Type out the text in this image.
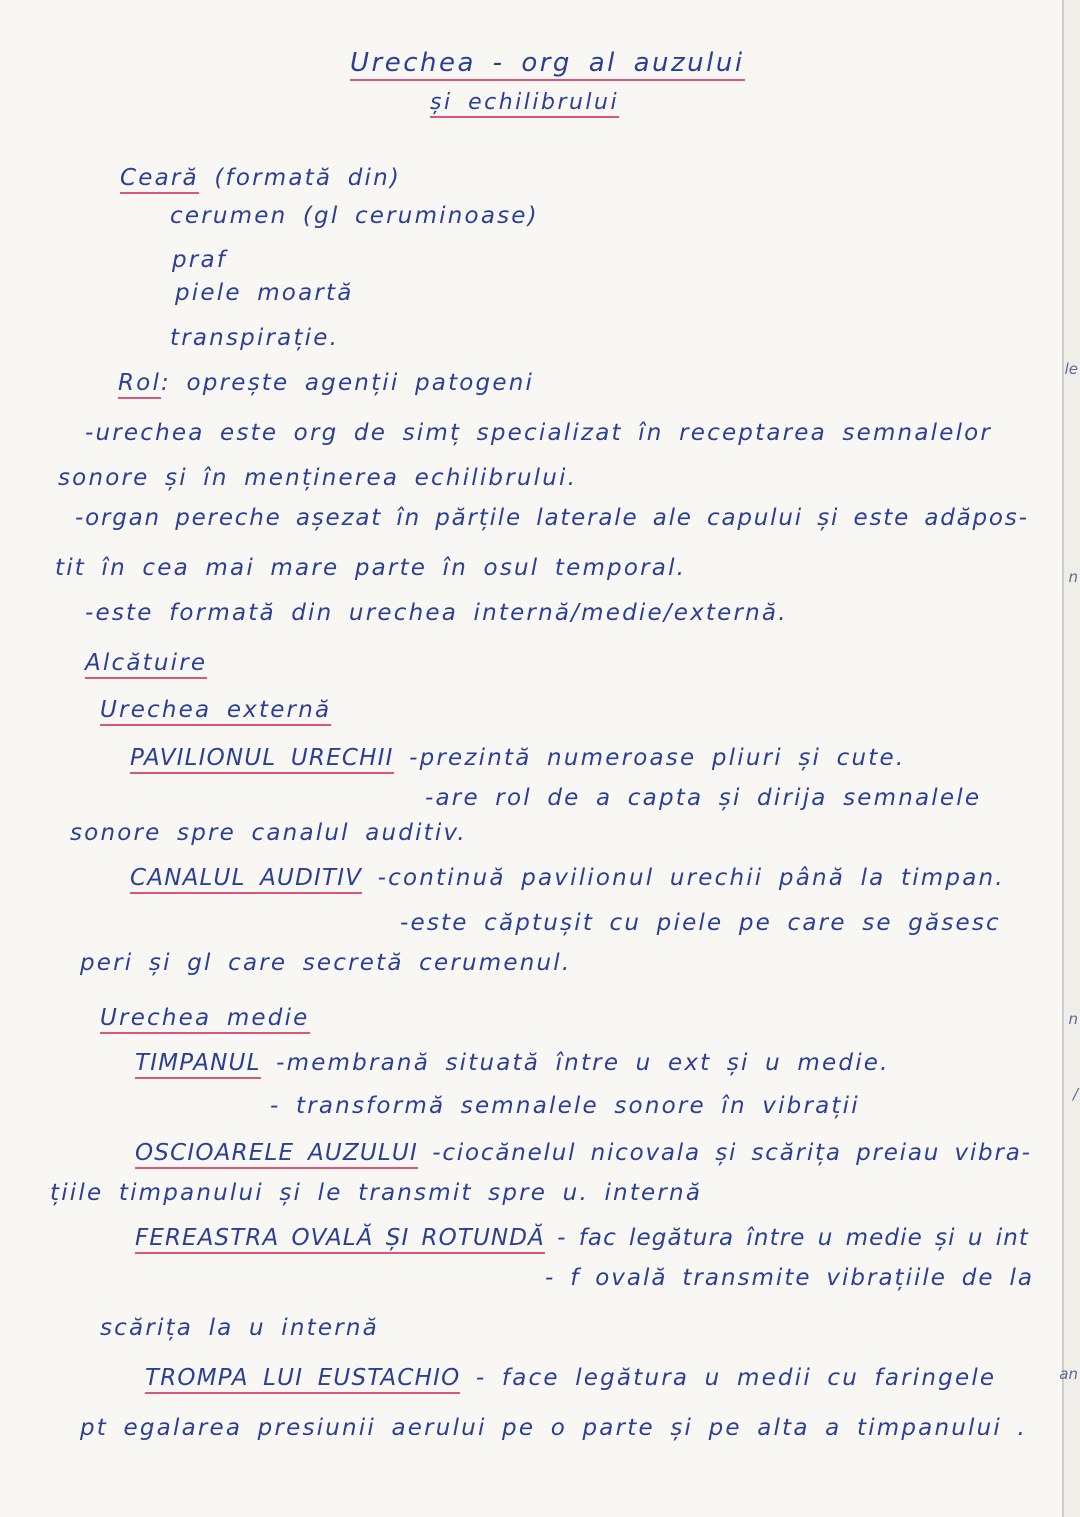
Urechea - org al auzului
și echilibrului
Ceară (formată din)
cerumen (gl ceruminoase)
praf
piele moartă
transpirație.
Rol: oprește agenții patogeni
-urechea este org de simț specializat în receptarea semnalelor
sonore și în menținerea echilibrului.
-organ pereche așezat în părțile laterale ale capului și este adăpos-
tit în cea mai mare parte în osul temporal.
-este formată din urechea internă/medie/externă.
Alcătuire
Urechea externă
PAVILIONUL URECHII -prezintă numeroase pliuri și cute.
-are rol de a capta și dirija semnalele
sonore spre canalul auditiv.
CANALUL AUDITIV -continuă pavilionul urechii până la timpan.
-este căptușit cu piele pe care se găsesc
peri și gl care secretă cerumenul.
Urechea medie
TIMPANUL -membrană situată între u ext și u medie.
- transformă semnalele sonore în vibrații
OSCIOARELE AUZULUI -ciocănelul nicovala și scărița preiau vibra-
țiile timpanului și le transmit spre u. internă
FEREASTRA OVALĂ ȘI ROTUNDĂ - fac legătura între u medie și u int
- f ovală transmite vibrațiile de la
scărița la u internă
TROMPA LUI EUSTACHIO - face legătura u medii cu faringele
pt egalarea presiunii aerului pe o parte și pe alta a timpanului .
le
n
n
/
an
